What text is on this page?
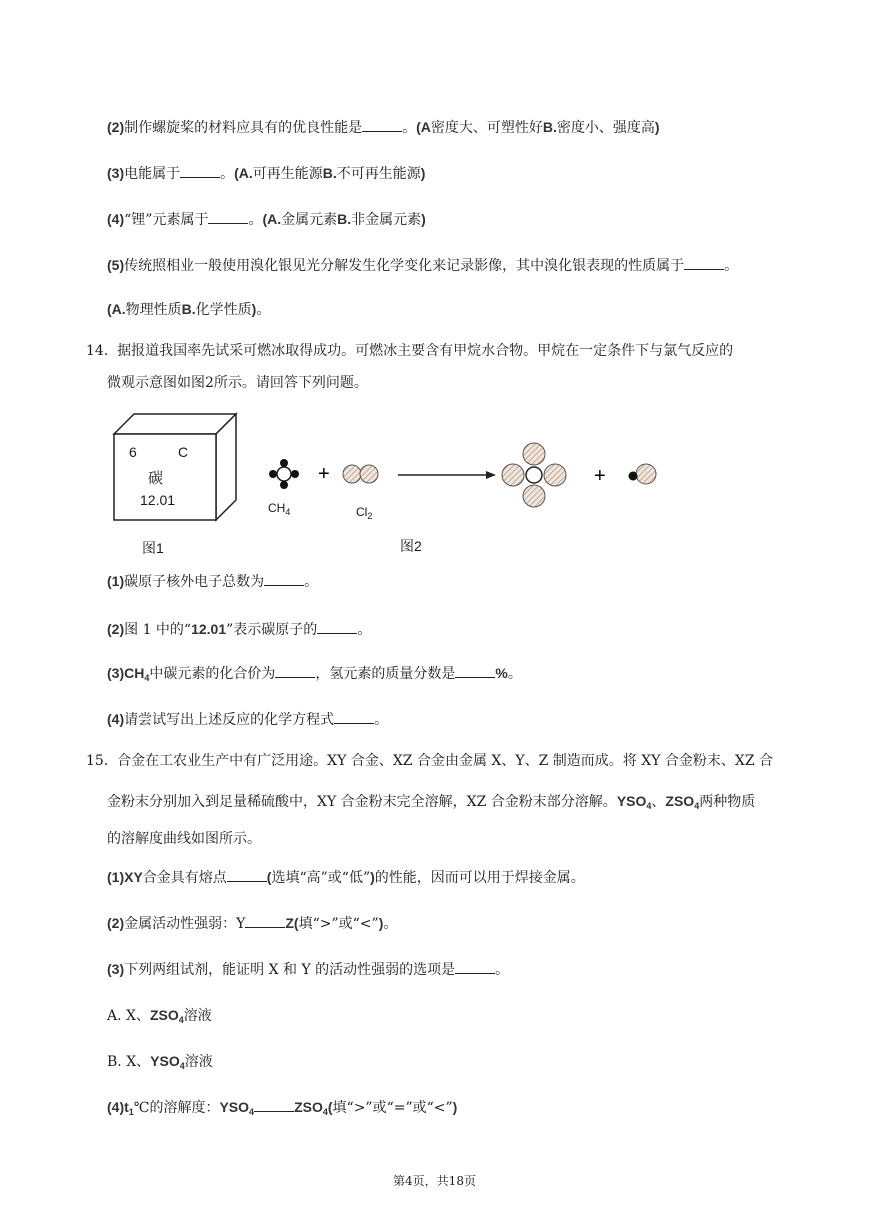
(2)制作螺旋桨的材料应具有的优良性能是	。(A密度大、可塑性好B.密度小、强度高)
(3)电能属于	。(A.可再生能源B.不可再生能源)
(4)“锂”元素属于	。(A.金属元素B.非金属元素)
(5)传统照相业一般使用溴化银见光分解发生化学变化来记录影像，其中溴化银表现的性质属于	。
(A.物理性质B.化学性质)。
14. 据报道我国率先试采可燃冰取得成功。可燃冰主要含有甲烷水合物。甲烷在一定条件下与氯气反应的
微观示意图如图2所示。请回答下列问题。
6	C
碳
12.01
图1
+	+
$CH_4$	$Cl_2$
图2
(1)碳原子核外电子总数为	。
(2)图 1 中的“12.01”表示碳原子的	。
$(3)CH_4$中碳元素的化合价为	，氢元素的质量分数是	%。
(4)请尝试写出上述反应的化学方程式	。
15. 合金在工农业生产中有广泛用途。XY 合金、XZ 合金由金属 X、Y、Z 制造而成。将 XY 合金粉末、XZ 合
金粉末分别加入到足量稀硫酸中，XY 合金粉末完全溶解，XZ 合金粉末部分溶解。$YSO_4$、$ZSO_4$两种物质
的溶解度曲线如图所示。
(1)XY合金具有熔点	(选填“高”或“低”)的性能，因而可以用于焊接金属。
(2)金属活动性强弱：Y	Z(填“>”或“<”)。
(3)下列两组试剂，能证明 X 和 Y 的活动性强弱的选项是	。
A. X、$ZSO_4$溶液
B. X、$YSO_4$溶液
$(4)t_1℃$的溶解度：$YSO_4$	$ZSO_4$(填“>”或“=”或“<”)
第4页，共18页
